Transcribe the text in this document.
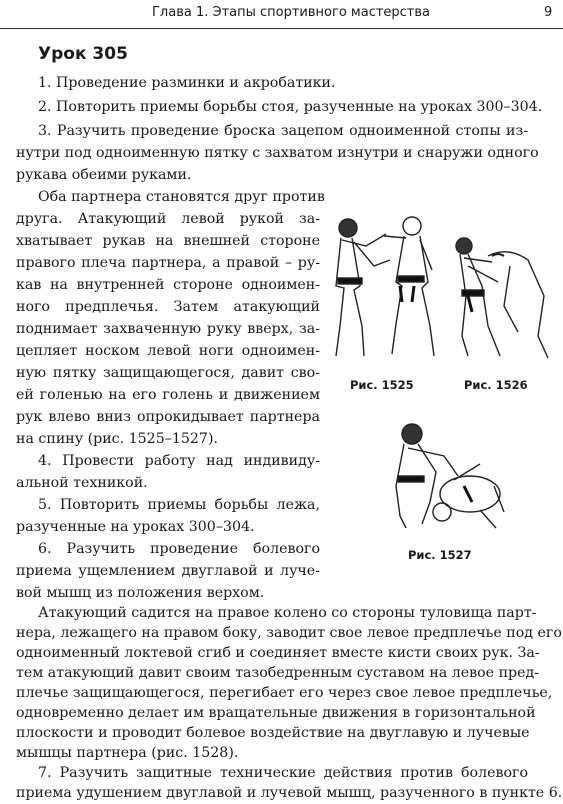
Глава 1. Этапы спортивного мастерства	9
Урок 305
1. Проведение разминки и акробатики.
2. Повторить приемы борьбы стоя, разученные на уроках 300–304.
3. Разучить проведение броска зацепом одноименной стопы из-
нутри под одноименную пятку с захватом изнутри и снаружи одного
рукава обеими руками.
Оба партнера становятся друг против
друга. Атакующий левой рукой за-
хватывает рукав на внешней стороне
правого плеча партнера, а правой – ру-
кав на внутренней стороне одноимен-
ного предплечья. Затем атакующий
поднимает захваченную руку вверх, за-
цепляет носком левой ноги одноимен-
ную пятку защищающегося, давит сво-
ей голенью на его голень и движением
рук влево вниз опрокидывает партнера
на спину (рис. 1525–1527).
4. Провести работу над индивиду-
альной техникой.
5. Повторить приемы борьбы лежа,
разученные на уроках 300–304.
6. Разучить проведение болевого
приема ущемлением двуглавой и луче-
вой мышц из положения верхом.
Атакующий садится на правое колено со стороны туловища парт-
нера, лежащего на правом боку, заводит свое левое предплечье под его
одноименный локтевой сгиб и соединяет вместе кисти своих рук. За-
тем атакующий давит своим тазобедренным суставом на левое пред-
плечье защищающегося, перегибает его через свое левое предплечье,
одновременно делает им вращательные движения в горизонтальной
плоскости и проводит болевое воздействие на двуглавую и лучевые
мышцы партнера (рис. 1528).
7. Разучить защитные технические действия против болевого
приема удушением двуглавой и лучевой мышц, разученного в пункте 6.
Рис. 1525	Рис. 1526
Рис. 1527
